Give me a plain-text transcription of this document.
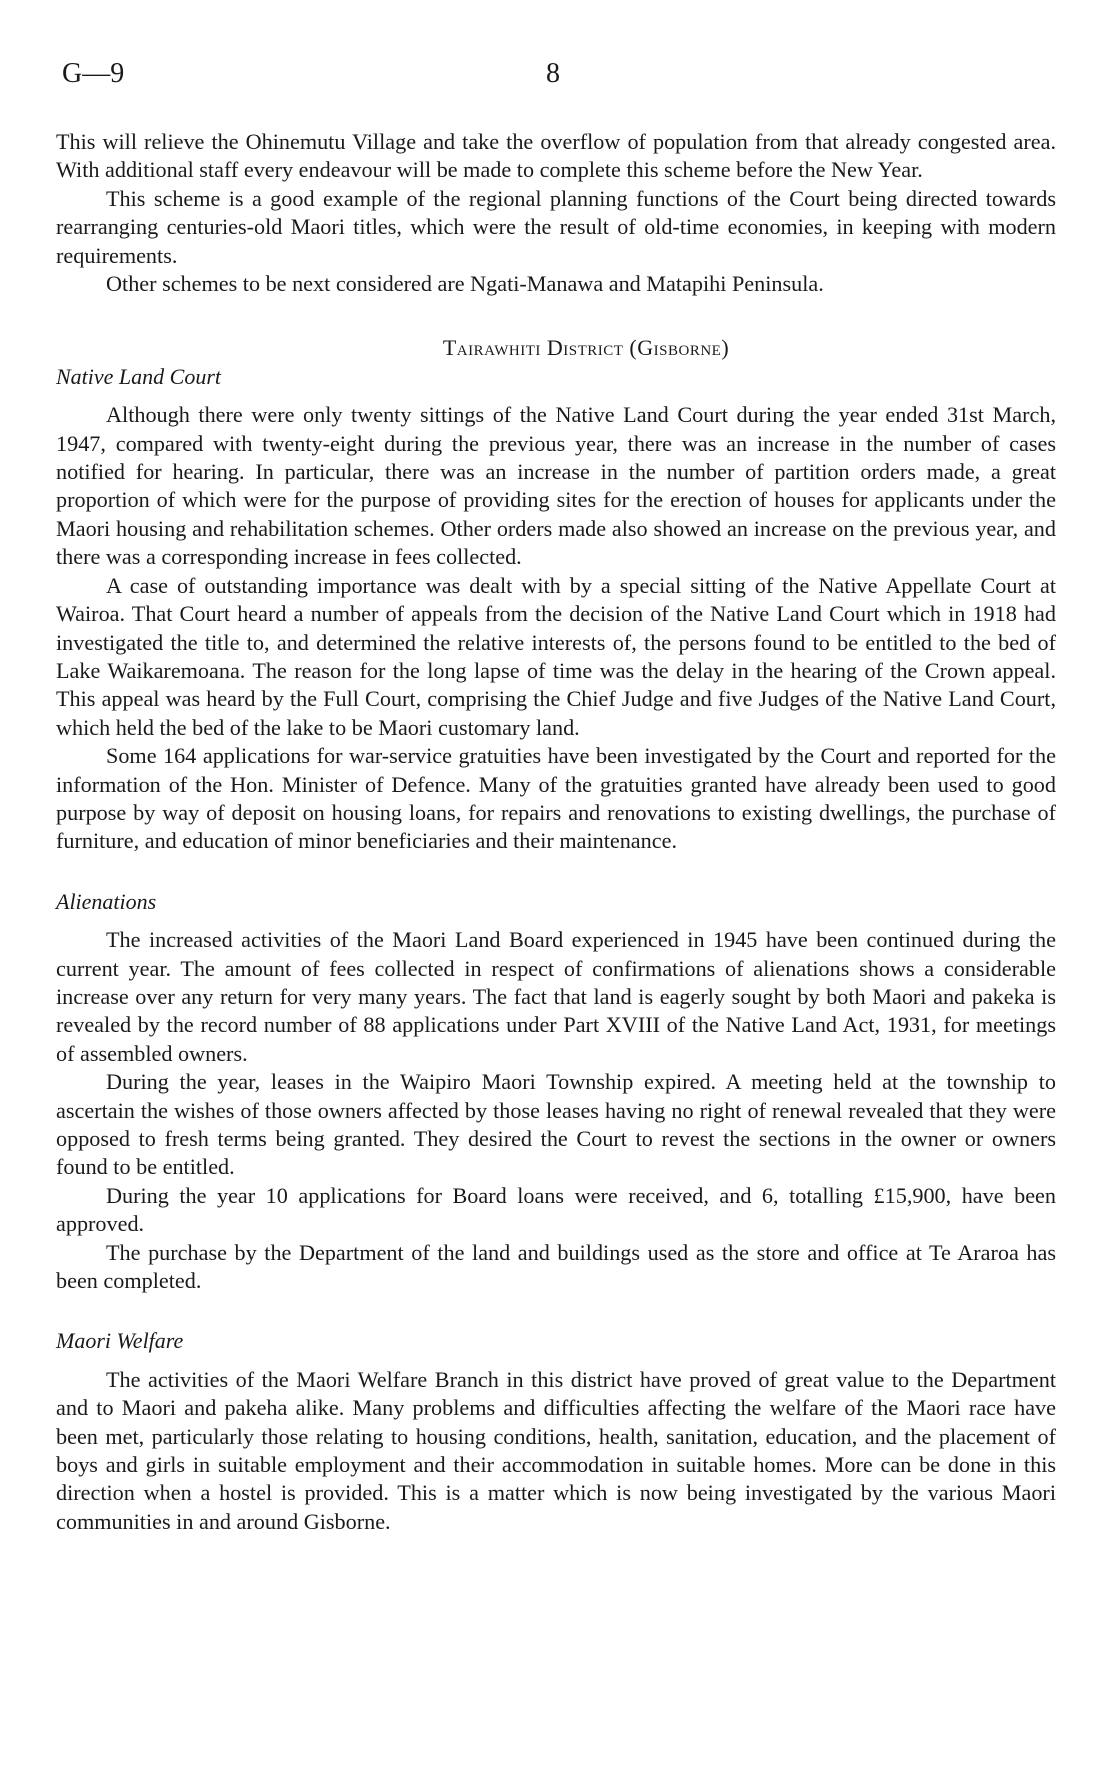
G—9	8

This will relieve the Ohinemutu Village and take the overflow of population from that already congested area. With additional staff every endeavour will be made to complete this scheme before the New Year.

This scheme is a good example of the regional planning functions of the Court being directed towards rearranging centuries-old Maori titles, which were the result of old-time economies, in keeping with modern requirements.

Other schemes to be next considered are Ngati-Manawa and Matapihi Peninsula.

Tairawhiti District (Gisborne)
Native Land Court

Although there were only twenty sittings of the Native Land Court during the year ended 31st March, 1947, compared with twenty-eight during the previous year, there was an increase in the number of cases notified for hearing. In particular, there was an increase in the number of partition orders made, a great proportion of which were for the purpose of providing sites for the erection of houses for applicants under the Maori housing and rehabilitation schemes. Other orders made also showed an increase on the previous year, and there was a corresponding increase in fees collected.

A case of outstanding importance was dealt with by a special sitting of the Native Appellate Court at Wairoa. That Court heard a number of appeals from the decision of the Native Land Court which in 1918 had investigated the title to, and determined the relative interests of, the persons found to be entitled to the bed of Lake Waikaremoana. The reason for the long lapse of time was the delay in the hearing of the Crown appeal. This appeal was heard by the Full Court, comprising the Chief Judge and five Judges of the Native Land Court, which held the bed of the lake to be Maori customary land.

Some 164 applications for war-service gratuities have been investigated by the Court and reported for the information of the Hon. Minister of Defence. Many of the gratuities granted have already been used to good purpose by way of deposit on housing loans, for repairs and renovations to existing dwellings, the purchase of furniture, and education of minor beneficiaries and their maintenance.

Alienations

The increased activities of the Maori Land Board experienced in 1945 have been continued during the current year. The amount of fees collected in respect of confirmations of alienations shows a considerable increase over any return for very many years. The fact that land is eagerly sought by both Maori and pakeka is revealed by the record number of 88 applications under Part XVIII of the Native Land Act, 1931, for meetings of assembled owners.

During the year, leases in the Waipiro Maori Township expired. A meeting held at the township to ascertain the wishes of those owners affected by those leases having no right of renewal revealed that they were opposed to fresh terms being granted. They desired the Court to revest the sections in the owner or owners found to be entitled.

During the year 10 applications for Board loans were received, and 6, totalling £15,900, have been approved.

The purchase by the Department of the land and buildings used as the store and office at Te Araroa has been completed.

Maori Welfare

The activities of the Maori Welfare Branch in this district have proved of great value to the Department and to Maori and pakeha alike. Many problems and difficulties affecting the welfare of the Maori race have been met, particularly those relating to housing conditions, health, sanitation, education, and the placement of boys and girls in suitable employment and their accommodation in suitable homes. More can be done in this direction when a hostel is provided. This is a matter which is now being investigated by the various Maori communities in and around Gisborne.
